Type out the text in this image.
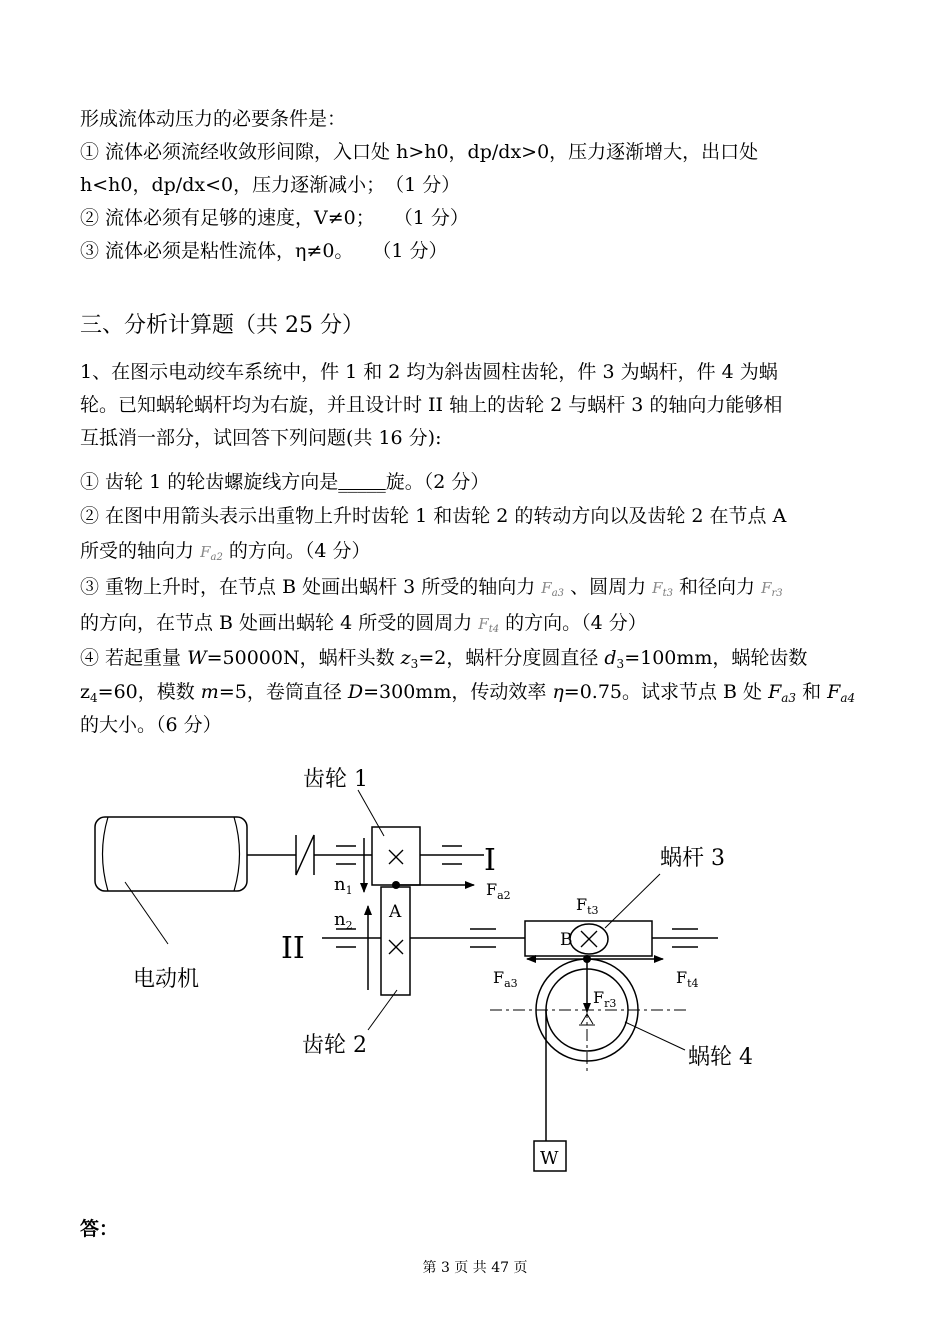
形成流体动压力的必要条件是：
① 流体必须流经收敛形间隙，入口处 h>h0，dp/dx>0，压力逐渐增大，出口处
h<h0，dp/dx<0，压力逐渐减小；　（1 分）
② 流体必须有足够的速度，V≠0；　　（1 分）
③ 流体必须是粘性流体，η≠0。　　（1 分）
三、分析计算题（共 25 分）
1、在图示电动绞车系统中，件 1 和 2 均为斜齿圆柱齿轮，件 3 为蜗杆，件 4 为蜗
轮。已知蜗轮蜗杆均为右旋，并且设计时 II 轴上的齿轮 2 与蜗杆 3 的轴向力能够相
互抵消一部分，试回答下列问题(共 16 分):
① 齿轮 1 的轮齿螺旋线方向是_____旋。（2 分）
② 在图中用箭头表示出重物上升时齿轮 1 和齿轮 2 的转动方向以及齿轮 2 在节点 A
所受的轴向力 $F_{a2}$ 的方向。（4 分）
③ 重物上升时，在节点 B 处画出蜗杆 3 所受的轴向力 $F_{a3}$ 、圆周力 $F_{t3}$ 和径向力 $F_{r3}$
的方向，在节点 B 处画出蜗轮 4 所受的圆周力 $F_{t4}$ 的方向。（4 分）
④ 若起重量 W=50000N，蜗杆头数 $z_3=2$，蜗杆分度圆直径 $d_3=100mm$，蜗轮齿数
$z_4=60$，模数 m=5，卷筒直径 D=300mm，传动效率 η=0.75。试求节点 B 处 $F_{a3}$ 和 $F_{a4}$
的大小。（6 分）
电动机
I
齿轮 1
齿轮 2
A
$F_{a2}$
$n_1$
$n_2$
II
蜗杆 3
$F_{t3}$
B
蜗轮 4
$F_{a3}$	$F_{t4}$
$F_{r3}$
W
答：
第 3 页 共 47 页
